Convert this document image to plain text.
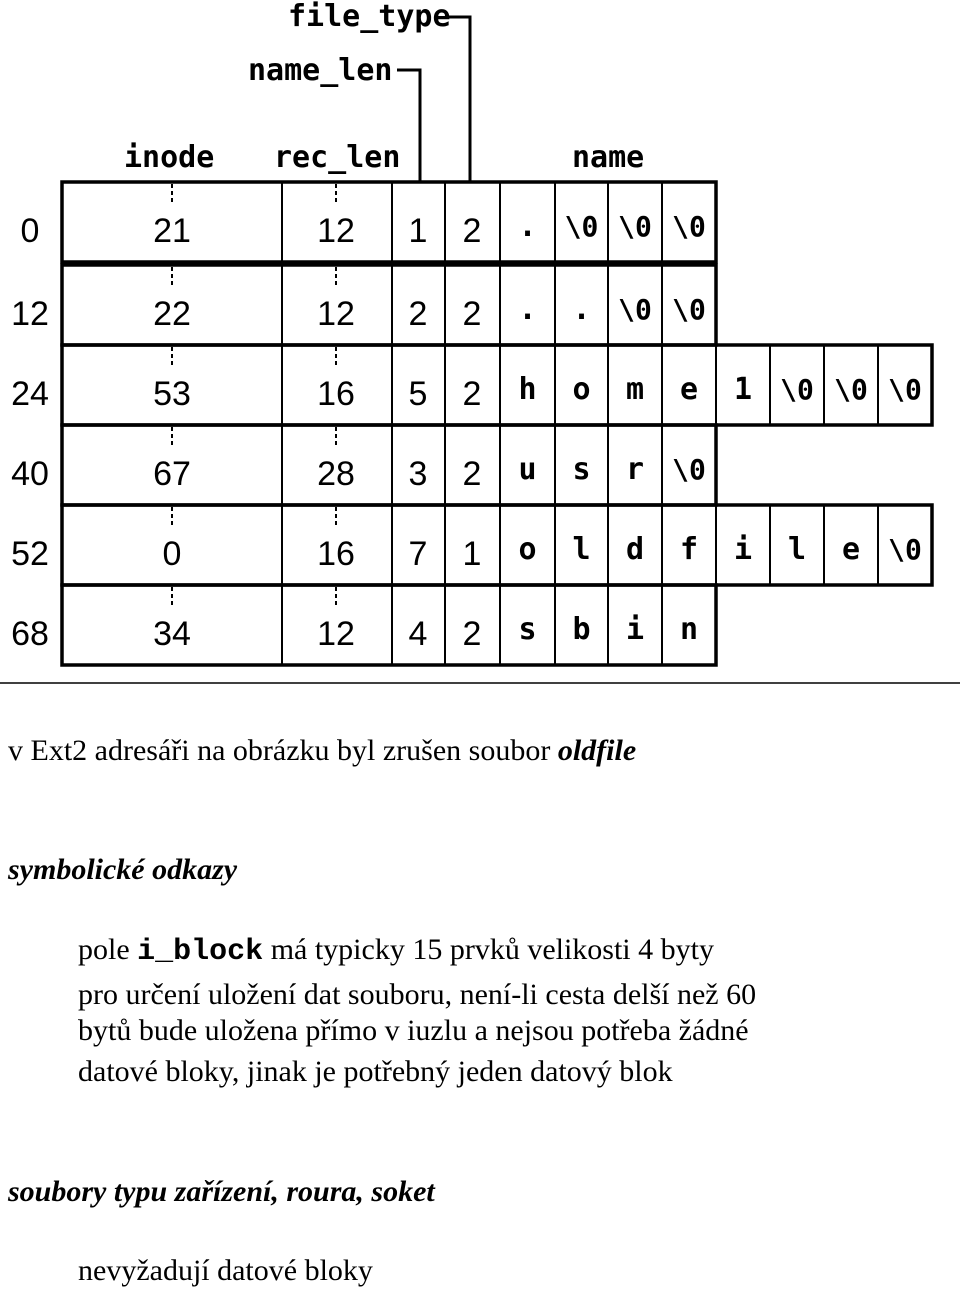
file_type
name_len
inode rec_len	name
0	21	12 1 2 . \0 \0 \0
12	22	12 2 2 . . \0 \0
24	53	16 5 2 h o m e 1 \0 \0 \0
40	67	28 3 2 u s r \0
52	0	16 7 1 o l d f i l e \0
68	34	12 4 2 s b i n
v Ext2 adresáři na obrázku byl zrušen soubor oldfile
symbolické odkazy
pole i_block má typicky 15 prvků velikosti 4 byty
pro určení uložení dat souboru, není-li cesta delší než 60
bytů bude uložena přímo v iuzlu a nejsou potřeba žádné
datové bloky, jinak je potřebný jeden datový blok
soubory typu zařízení, roura, soket
nevyžadují datové bloky
